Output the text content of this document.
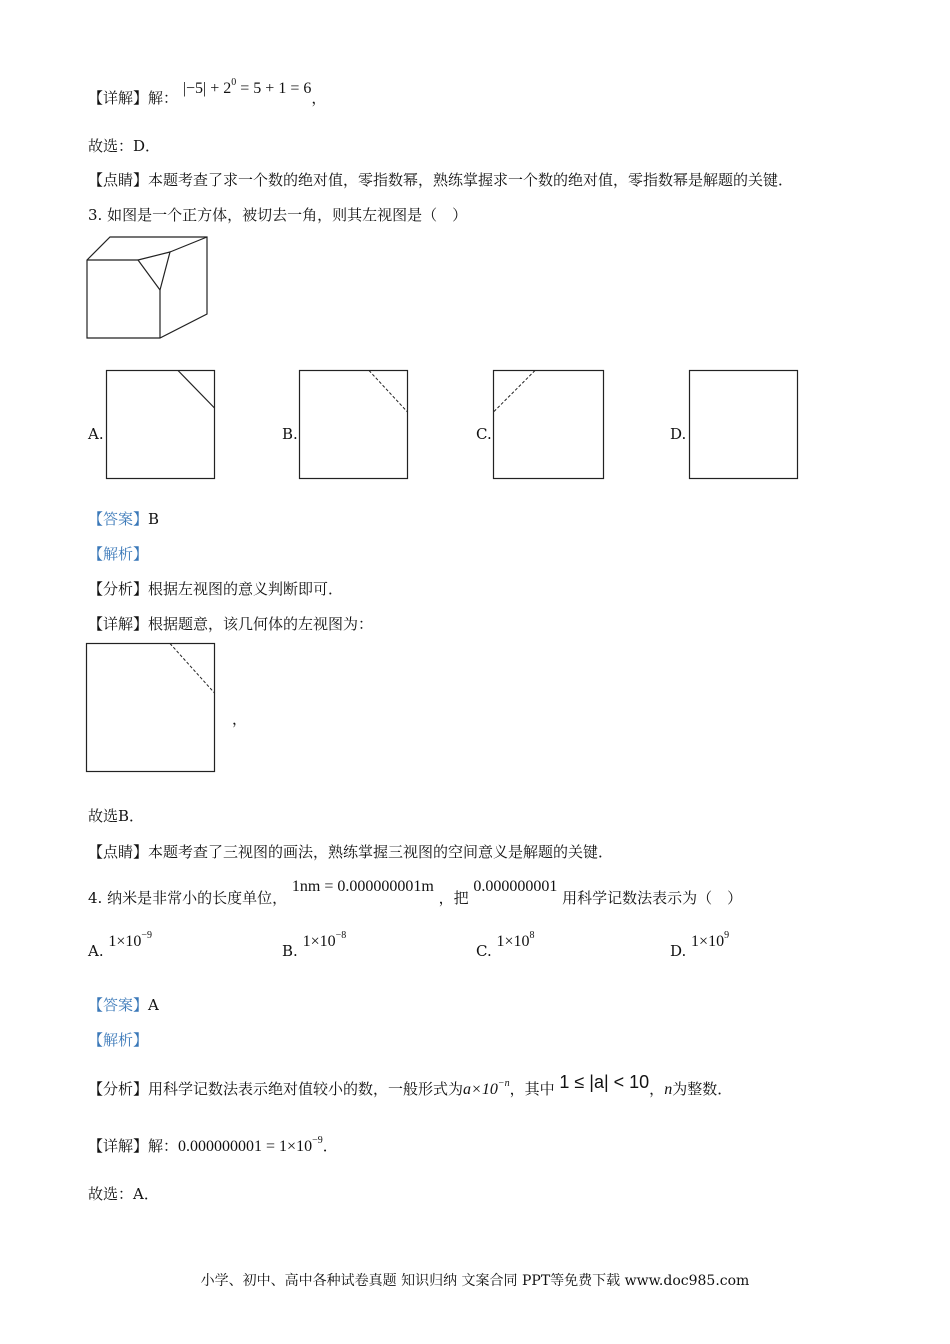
【详解】解： $|-5| + 2^0 = 5 + 1 = 6$，
故选：D．
【点睛】本题考查了求一个数的绝对值，零指数幂，熟练掌握求一个数的绝对值，零指数幂是解题的关键．
3. 如图是一个正方体，被切去一角，则其左视图是（　）
A.	B.	C.	D.
【答案】B
【解析】
【分析】根据左视图的意义判断即可．
【详解】根据题意，该几何体的左视图为：
，
故选B．
【点睛】本题考查了三视图的画法，熟练掌握三视图的空间意义是解题的关键．
4. 纳米是非常小的长度单位， 1nm = 0.000000001m ，把 0.000000001 用科学记数法表示为（　）
A. $1\times 10^{-9}$
B. $1\times 10^{-8}$
C. $1\times 10^8$
D. $1\times 10^9$
【答案】A
【解析】
【分析】用科学记数法表示绝对值较小的数，一般形式为$a\times 10^{-n}$，其中 1 ≤ |a| < 10，n为整数．
【详解】解：$0.000000001 = 1\times 10^{-9}$．
故选：A．
小学、初中、高中各种试卷真题 知识归纳 文案合同 PPT等免费下载 www.doc985.com
